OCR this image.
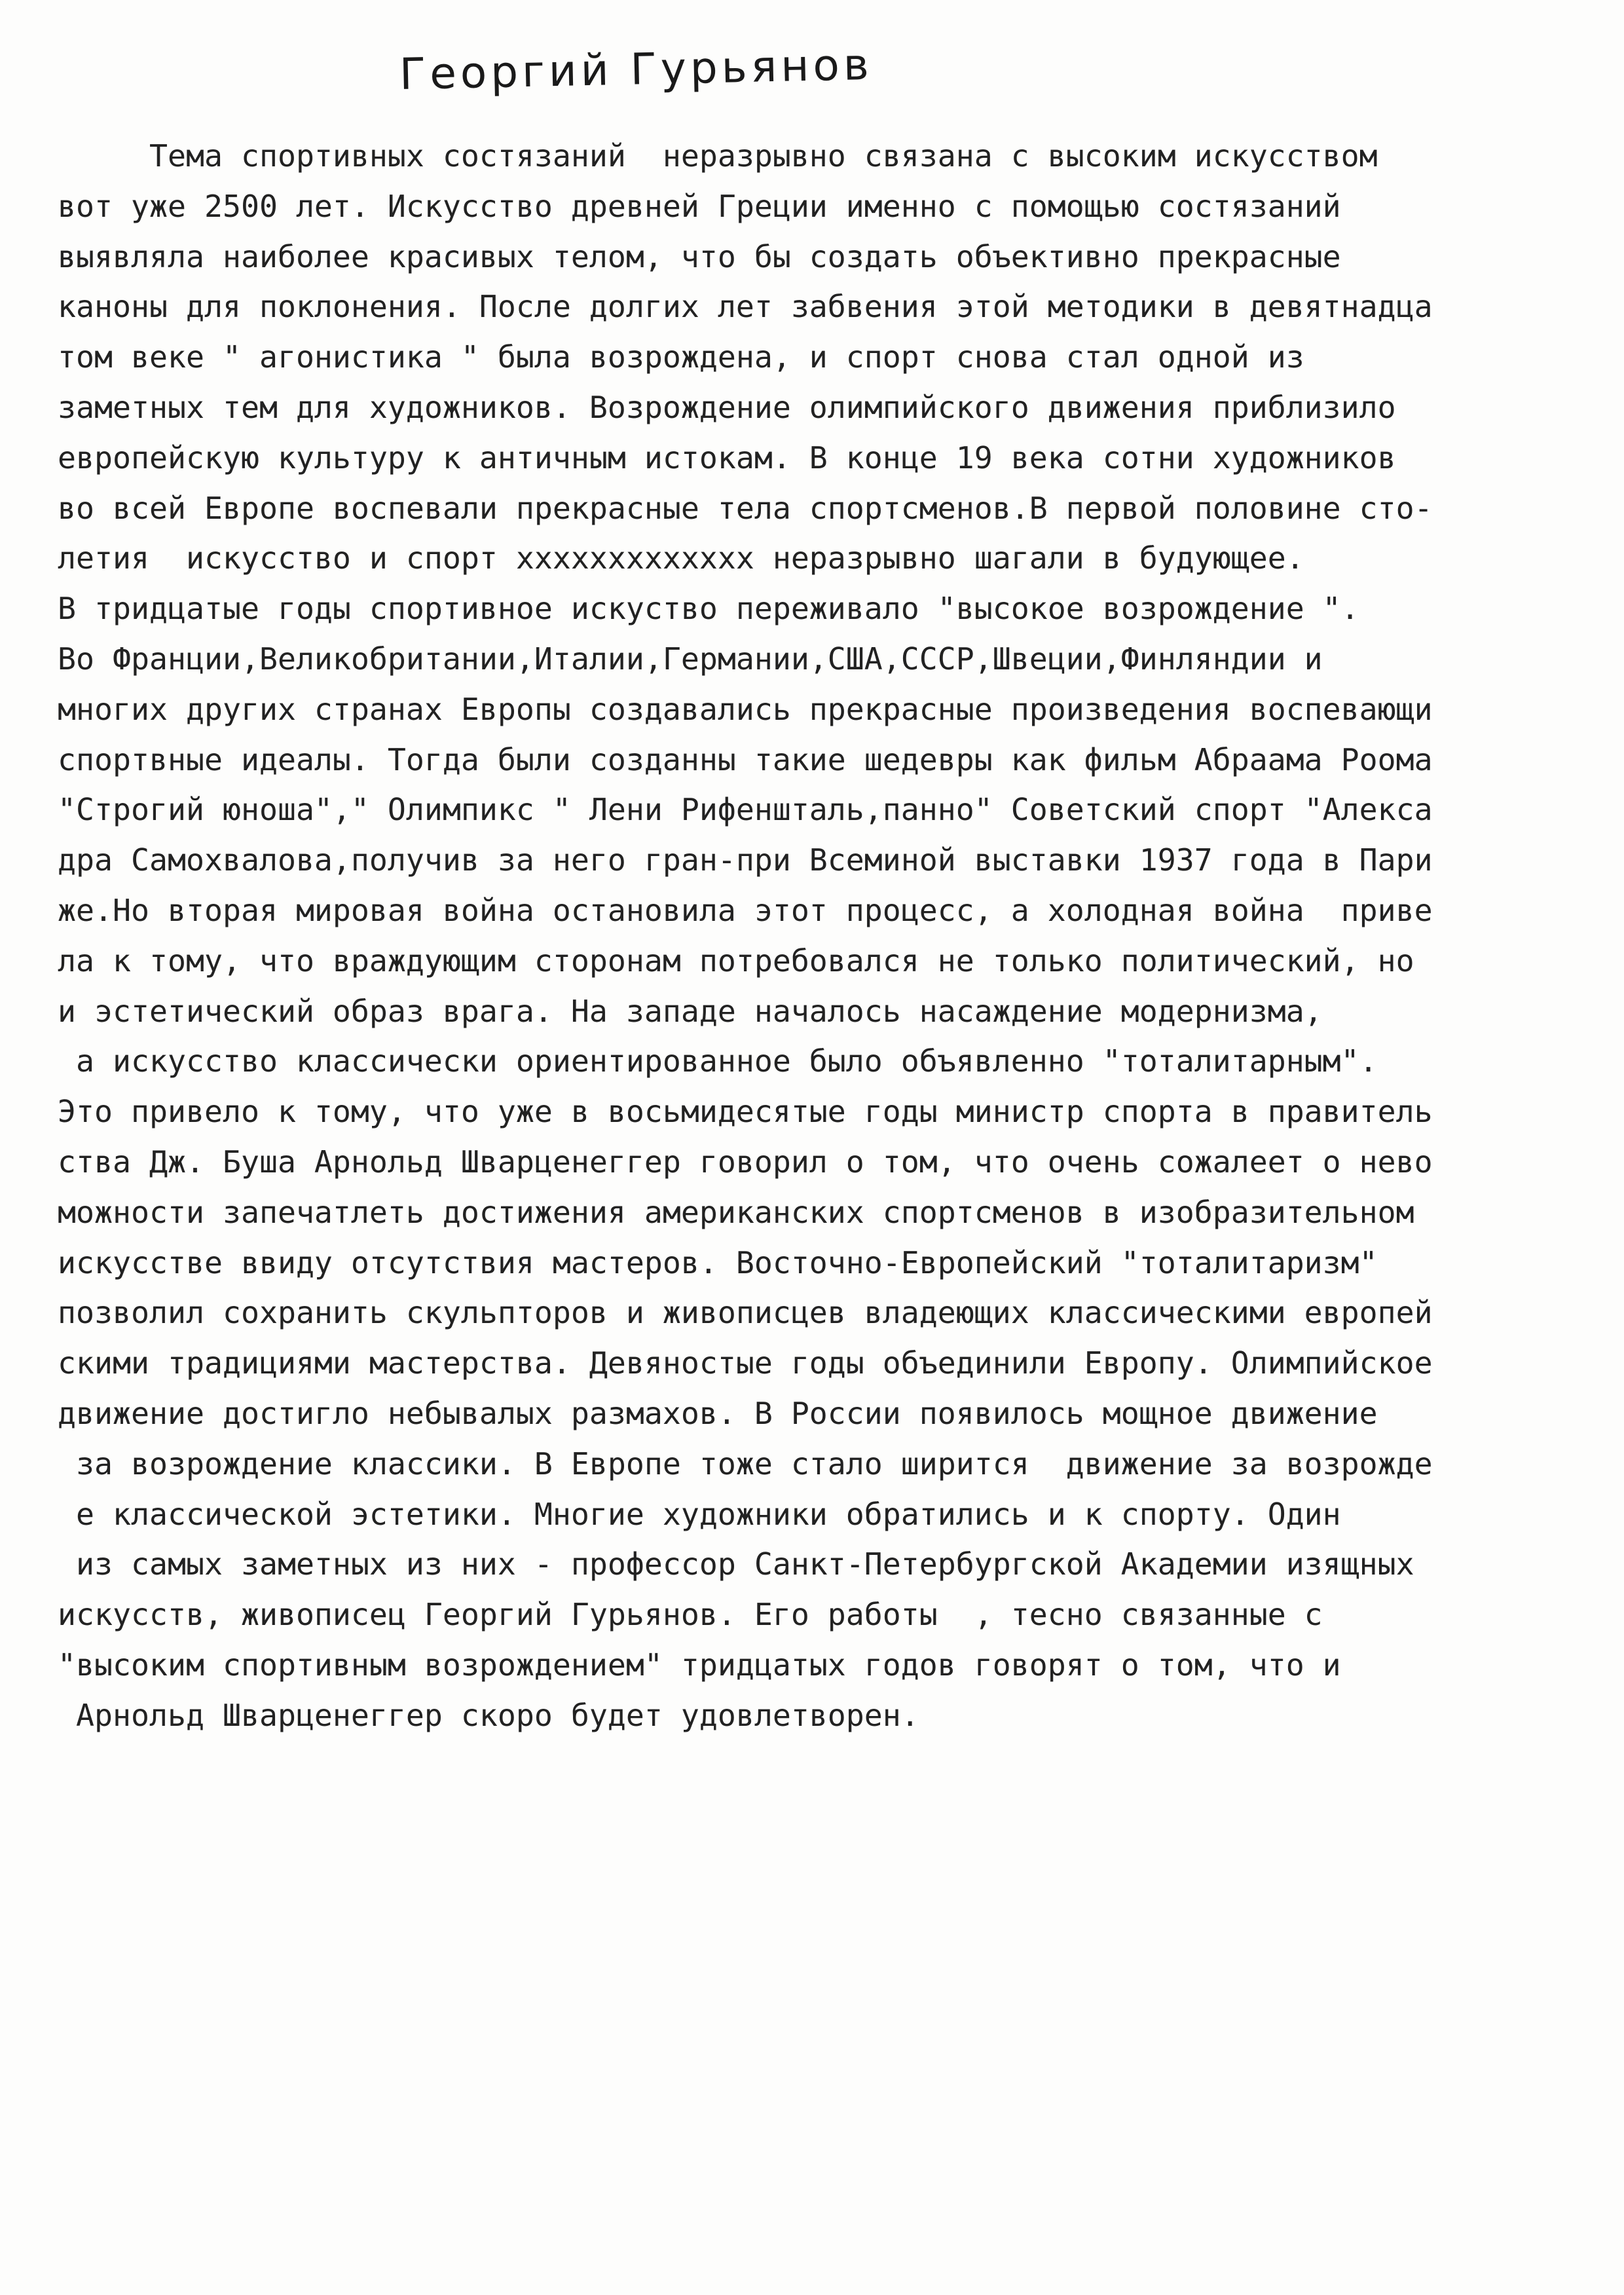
Георгий Гурьянов
Тема спортивных состязаний  неразрывно связана с высоким искусством
вот уже 2500 лет. Искусство древней Греции именно с помощью состязаний
выявляла наиболее красивых телом, что бы создать объективно прекрасные
каноны для поклонения. После долгих лет забвения этой методики в девятнадца
том веке " агонистика " была возрождена, и спорт снова стал одной из
заметных тем для художников. Возрождение олимпийского движения приблизило
европейскую культуру к античным истокам. В конце 19 века сотни художников
во всей Европе воспевали прекрасные тела спортсменов.В первой половине сто-
летия  искусство и спорт xxxxxxxxxxxxx неразрывно шагали в будующее.
В тридцатые годы спортивное искуство переживало "высокое возрождение ".
Во Франции,Великобритании,Италии,Германии,США,СССР,Швеции,Финляндии и
многих других странах Европы создавались прекрасные произведения воспевающи
спортвные идеалы. Тогда были созданны такие шедевры как фильм Абраама Роома
"Строгий юноша"," Олимпикс " Лени Рифеншталь,панно" Советский спорт "Алекса
дра Самохвалова,получив за него гран-при Всеминой выставки 1937 года в Пари
же.Но вторая мировая война остановила этот процесс, а холодная война  приве
ла к тому, что враждующим сторонам потребовался не только политический, но
и эстетический образ врага. На западе началось насаждение модернизма,
а искусство классически ориентированное было объявленно "тоталитарным".
Это привело к тому, что уже в восьмидесятые годы министр спорта в правитель
ства Дж. Буша Арнольд Шварценеггер говорил о том, что очень сожалеет о нево
можности запечатлеть достижения американских спортсменов в изобразительном
искусстве ввиду отсутствия мастеров. Восточно-Европейский "тоталитаризм"
позволил сохранить скульпторов и живописцев владеющих классическими европей
скими традициями мастерства. Девяностые годы объединили Европу. Олимпийское
движение достигло небывалых размахов. В России появилось мощное движение
за возрождение классики. В Европе тоже стало ширится  движение за возрожде
е классической эстетики. Многие художники обратились и к спорту. Один
из самых заметных из них - профессор Санкт-Петербургской Академии изящных
искусств, живописец Георгий Гурьянов. Его работы  , тесно связанные с
"высоким спортивным возрождением" тридцатых годов говорят о том, что и
Арнольд Шварценеггер скоро будет удовлетворен.
